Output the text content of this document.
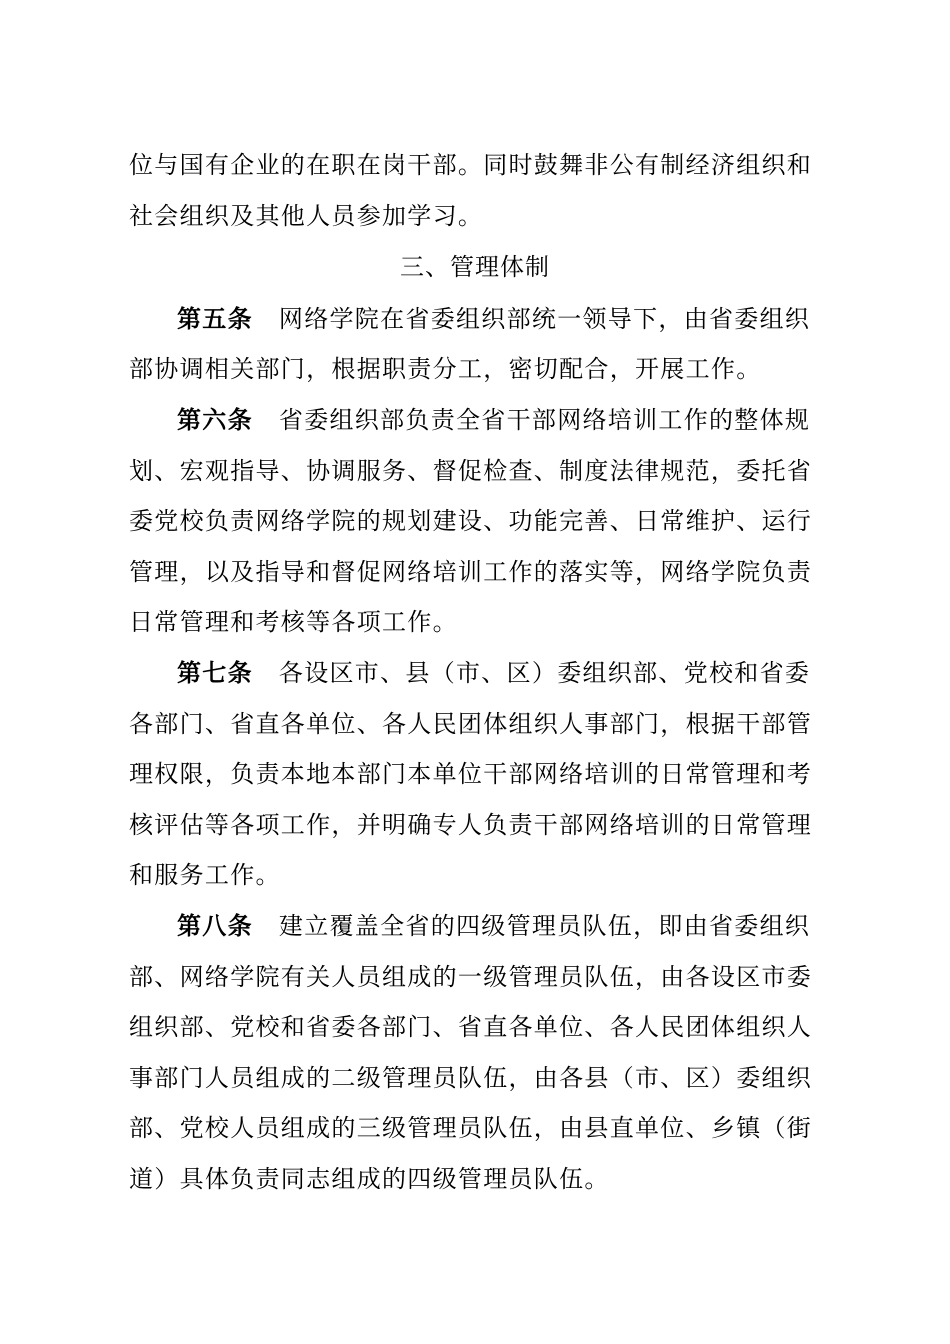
位与国有企业的在职在岗干部。同时鼓舞非公有制经济组织和
社会组织及其他人员参加学习。
三、管理体制
第五条 网络学院在省委组织部统一领导下，由省委组织
部协调相关部门，根据职责分工，密切配合，开展工作。
第六条 省委组织部负责全省干部网络培训工作的整体规
划、宏观指导、协调服务、督促检查、制度法律规范，委托省
委党校负责网络学院的规划建设、功能完善、日常维护、运行
管理，以及指导和督促网络培训工作的落实等，网络学院负责
日常管理和考核等各项工作。
第七条 各设区市、县（市、区）委组织部、党校和省委
各部门、省直各单位、各人民团体组织人事部门，根据干部管
理权限，负责本地本部门本单位干部网络培训的日常管理和考
核评估等各项工作，并明确专人负责干部网络培训的日常管理
和服务工作。
第八条 建立覆盖全省的四级管理员队伍，即由省委组织
部、网络学院有关人员组成的一级管理员队伍，由各设区市委
组织部、党校和省委各部门、省直各单位、各人民团体组织人
事部门人员组成的二级管理员队伍，由各县（市、区）委组织
部、党校人员组成的三级管理员队伍，由县直单位、乡镇（街
道）具体负责同志组成的四级管理员队伍。
